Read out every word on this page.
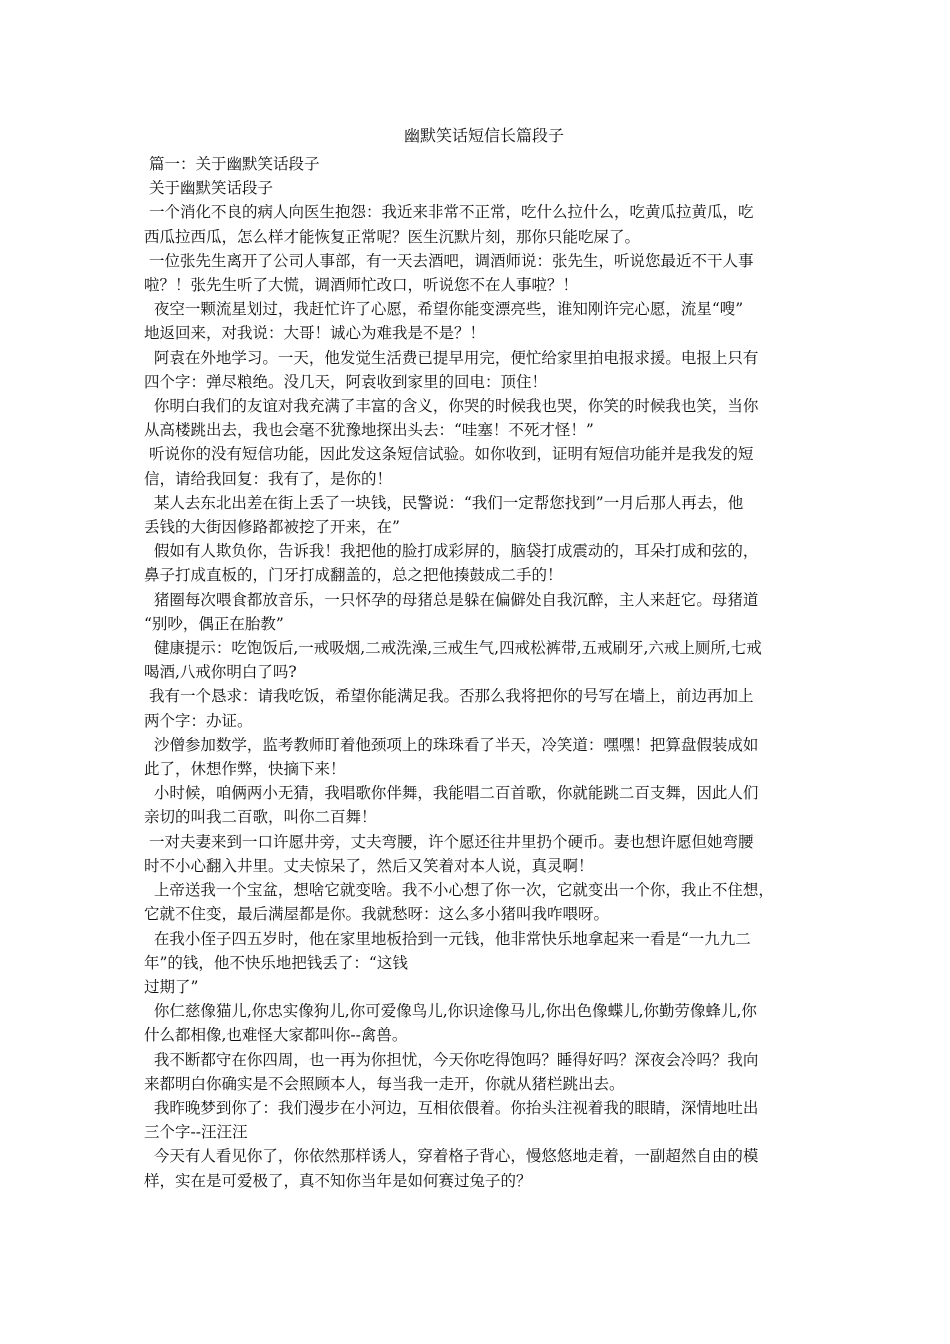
幽默笑话短信长篇段子
篇一：关于幽默笑话段子
关于幽默笑话段子
一个消化不良的病人向医生抱怨：我近来非常不正常，吃什么拉什么，吃黄瓜拉黄瓜，吃
西瓜拉西瓜，怎么样才能恢复正常呢？医生沉默片刻，那你只能吃屎了。
一位张先生离开了公司人事部，有一天去酒吧，调酒师说：张先生，听说您最近不干人事
啦？！张先生听了大慌，调酒师忙改口，听说您不在人事啦？！
夜空一颗流星划过，我赶忙许了心愿，希望你能变漂亮些，谁知刚许完心愿，流星“嗖”
地返回来，对我说：大哥！诚心为难我是不是？！
阿袁在外地学习。一天，他发觉生活费已提早用完，便忙给家里拍电报求援。电报上只有
四个字：弹尽粮绝。没几天，阿袁收到家里的回电：顶住！
你明白我们的友谊对我充满了丰富的含义，你哭的时候我也哭，你笑的时候我也笑，当你
从高楼跳出去，我也会毫不犹豫地探出头去：“哇塞！不死才怪！”
听说你的没有短信功能，因此发这条短信试验。如你收到，证明有短信功能并是我发的短
信，请给我回复：我有了，是你的！
某人去东北出差在街上丢了一块钱，民警说：“我们一定帮您找到”一月后那人再去，他
丢钱的大街因修路都被挖了开来，在”
假如有人欺负你，告诉我！我把他的脸打成彩屏的，脑袋打成震动的，耳朵打成和弦的，
鼻子打成直板的，门牙打成翻盖的，总之把他揍鼓成二手的！
猪圈每次喂食都放音乐，一只怀孕的母猪总是躲在偏僻处自我沉醉，主人来赶它。母猪道
“别吵，偶正在胎教”
健康提示：吃饱饭后,一戒吸烟,二戒洗澡,三戒生气,四戒松裤带,五戒刷牙,六戒上厕所,七戒
喝酒,八戒你明白了吗?
我有一个恳求：请我吃饭，希望你能满足我。否那么我将把你的号写在墙上，前边再加上
两个字：办证。
沙僧参加数学，监考教师盯着他颈项上的珠珠看了半天，冷笑道：嘿嘿！把算盘假装成如
此了，休想作弊，快摘下来！
小时候，咱俩两小无猜，我唱歌你伴舞，我能唱二百首歌，你就能跳二百支舞，因此人们
亲切的叫我二百歌，叫你二百舞！
一对夫妻来到一口许愿井旁，丈夫弯腰，许个愿还往井里扔个硬币。妻也想许愿但她弯腰
时不小心翻入井里。丈夫惊呆了，然后又笑着对本人说，真灵啊！
上帝送我一个宝盆，想啥它就变啥。我不小心想了你一次，它就变出一个你，我止不住想，
它就不住变，最后满屋都是你。我就愁呀：这么多小猪叫我咋喂呀。
在我小侄子四五岁时，他在家里地板拾到一元钱，他非常快乐地拿起来一看是“一九九二
年”的钱，他不快乐地把钱丢了：“这钱
过期了”
你仁慈像猫儿,你忠实像狗儿,你可爱像鸟儿,你识途像马儿,你出色像蝶儿,你勤劳像蜂儿,你
什么都相像,也难怪大家都叫你--禽兽。
我不断都守在你四周，也一再为你担忧，今天你吃得饱吗？睡得好吗？深夜会冷吗？我向
来都明白你确实是不会照顾本人，每当我一走开，你就从猪栏跳出去。
我昨晚梦到你了：我们漫步在小河边，互相依偎着。你抬头注视着我的眼睛，深情地吐出
三个字--汪汪汪
今天有人看见你了，你依然那样诱人，穿着格子背心，慢悠悠地走着，一副超然自由的模
样，实在是可爱极了，真不知你当年是如何赛过兔子的？
